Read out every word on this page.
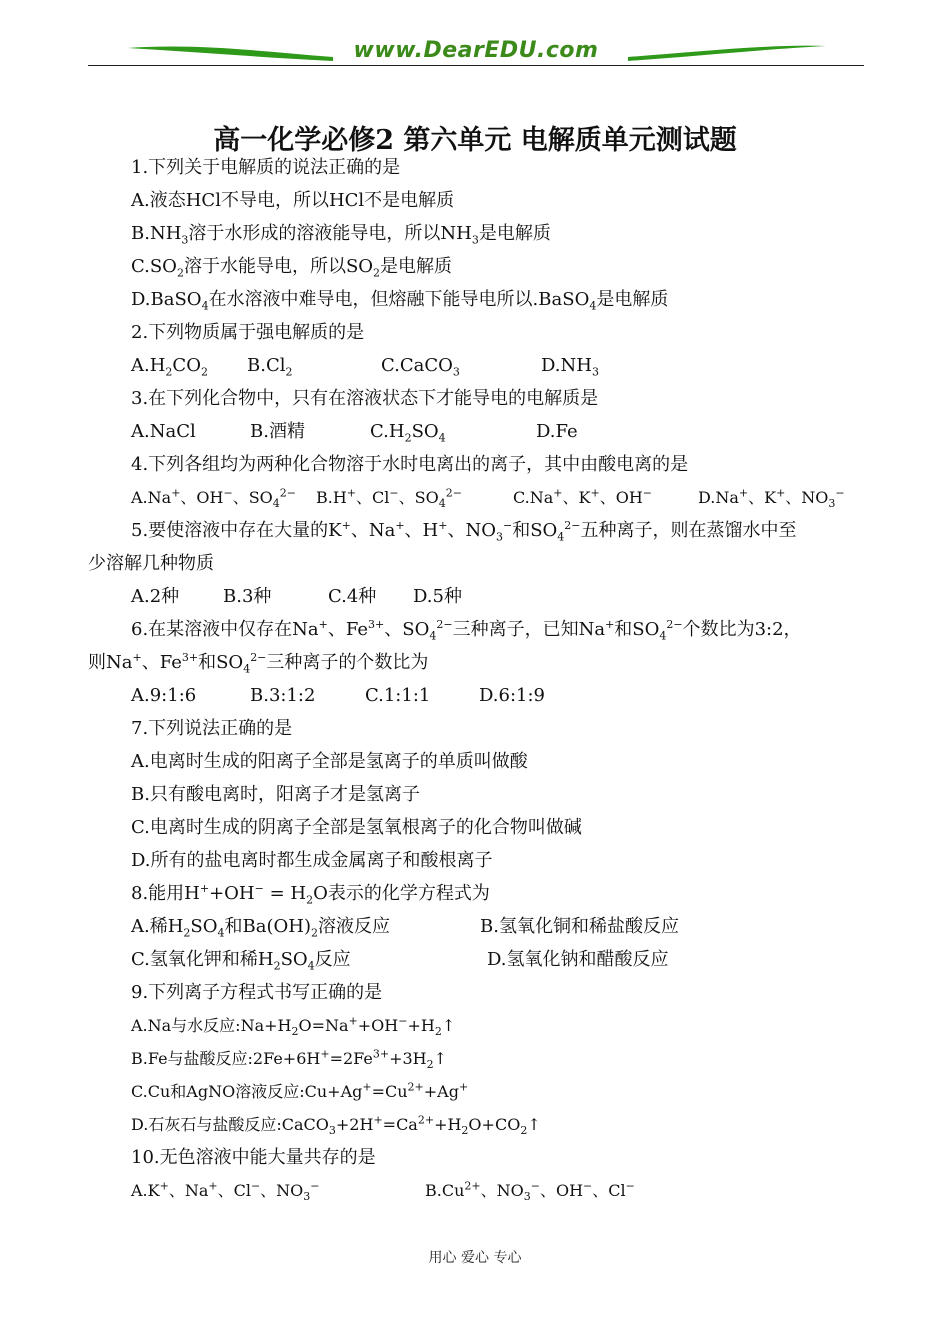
www.DearEDU.com
高一化学必修2 第六单元 电解质单元测试题
1.下列关于电解质的说法正确的是
A.液态HCl不导电，所以HCl不是电解质
$B.NH_3$溶于水形成的溶液能导电，所以$NH_3$是电解质
$C.SO_2$溶于水能导电，所以$SO_2$是电解质
D.BaSO$_4$在水溶液中难导电，但熔融下能导电所以.BaSO$_4$是电解质
2.下列物质属于强电解质的是
$A.H_2CO_2$ $B.Cl_2$	C.CaCO$_3$	$D.NH_3$
3.在下列化合物中，只有在溶液状态下才能导电的电解质是
A.NaCl	B.酒精	$C.H_2SO_4$	D.Fe
4.下列各组均为两种化合物溶于水时电离出的离子，其中由酸电离的是
A.Na+、OH−、$SO_4^{2-}$ B.H+、Cl−、$SO_4^{2-}$	C.Na+、K+、OH−	D.Na+、K+、$NO_3^-$
5.要使溶液中存在大量的K+、Na+、H+、$NO_3^-$和$SO_4^{2-}$五种离子，则在蒸馏水中至
少溶解几种物质
A.2种 B.3种	C.4种 D.5种
6.在某溶液中仅存在Na+、$Fe^{3+}$、$SO_4^{2-}$三种离子，已知Na+和$SO_4^{2-}$个数比为3:2，
则Na+、$Fe^{3+}$和$SO_4^{2-}$三种离子的个数比为
A.9:1:6	B.3:1:2	C.1:1:1	D.6:1:9
7.下列说法正确的是
A.电离时生成的阳离子全部是氢离子的单质叫做酸
B.只有酸电离时，阳离子才是氢离子
C.电离时生成的阴离子全部是氢氧根离子的化合物叫做碱
D.所有的盐电离时都生成金属离子和酸根离子
8.能用$H^++OH^- = H_2O$表示的化学方程式为
A.稀$H_2SO_4$和$Ba(OH)_2$溶液反应	B.氢氧化铜和稀盐酸反应
C.氢氧化钾和稀$H_2SO_4$反应	D.氢氧化钠和醋酸反应
9.下列离子方程式书写正确的是
A.Na与水反应$:Na+H_2O=Na^++OH^-+H_2↑$
B.Fe与盐酸反应$:2Fe+6H^+=2Fe^{3+}+3H_2↑$
C.Cu和AgNO溶液反应$:Cu+Ag^+=Cu^{2+}+Ag^+$
D.石灰石与盐酸反应$:CaCO_3+2H^+=Ca^{2+}+H_2O+CO_2↑$
10.无色溶液中能大量共存的是
A.K+、Na+、Cl−、$NO_3^-$	$B.Cu^{2+}$、$NO_3^-$、OH−、Cl−
用心 爱心 专心
